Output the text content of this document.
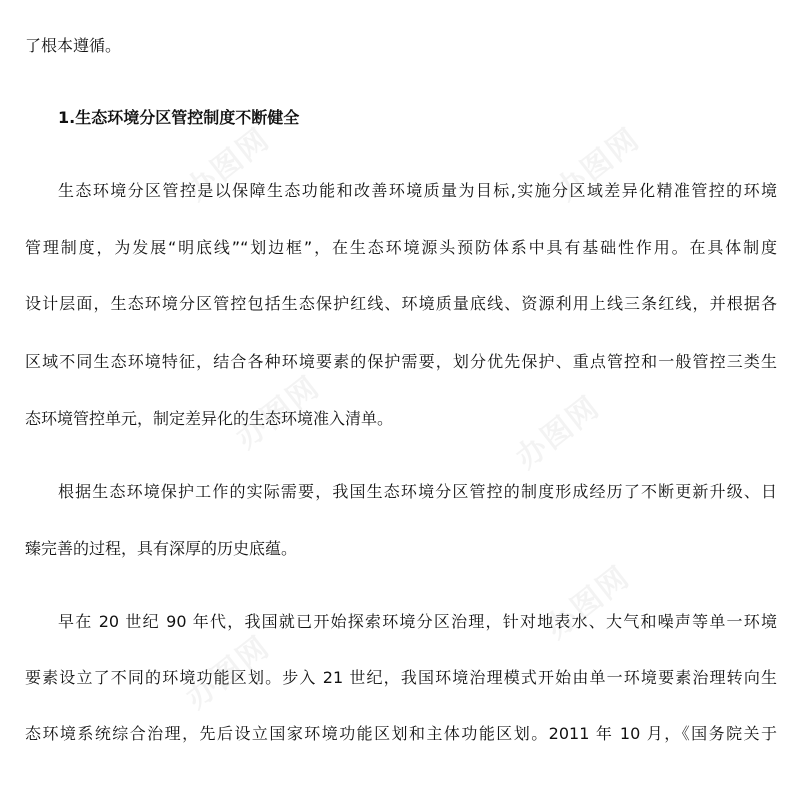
办图网	办图网
办图网	办图网
办图网
办图网
了根本遵循。
1.生态环境分区管控制度不断健全
生态环境分区管控是以保障生态功能和改善环境质量为目标,实施分区域差异化精准管控的环境
管理制度，为发展“明底线”“划边框”，在生态环境源头预防体系中具有基础性作用。在具体制度
设计层面，生态环境分区管控包括生态保护红线、环境质量底线、资源利用上线三条红线，并根据各
区域不同生态环境特征，结合各种环境要素的保护需要，划分优先保护、重点管控和一般管控三类生
态环境管控单元，制定差异化的生态环境准入清单。
根据生态环境保护工作的实际需要，我国生态环境分区管控的制度形成经历了不断更新升级、日
臻完善的过程，具有深厚的历史底蕴。
早在 20 世纪 90 年代，我国就已开始探索环境分区治理，针对地表水、大气和噪声等单一环境
要素设立了不同的环境功能区划。步入 21 世纪，我国环境治理模式开始由单一环境要素治理转向生
态环境系统综合治理，先后设立国家环境功能区划和主体功能区划。2011 年 10 月，《国务院关于
